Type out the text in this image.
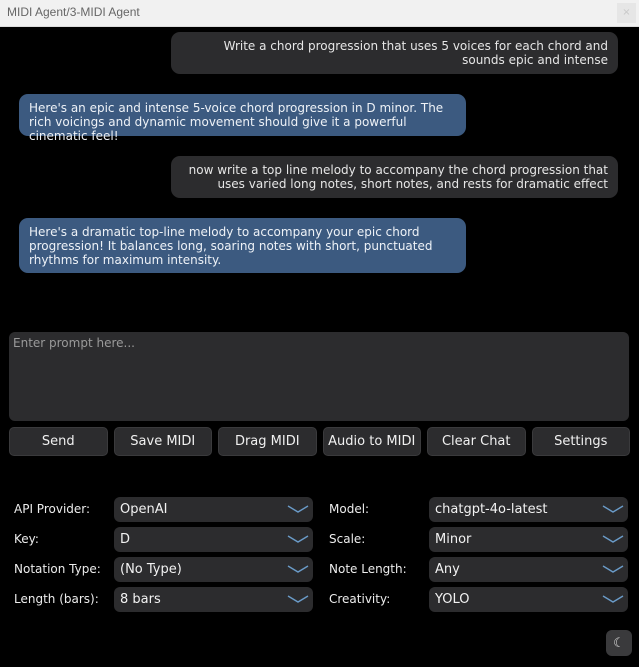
MIDI Agent/3-MIDI Agent	×
Write a chord progression that uses 5 voices for each chord and sounds epic and intense
Here's an epic and intense 5-voice chord progression in D minor. The rich voicings and dynamic movement should give it a powerful cinematic feel!
now write a top line melody to accompany the chord progression that uses varied long notes, short notes, and rests for dramatic effect
Here's a dramatic top-line melody to accompany your epic chord progression! It balances long, soaring notes with short, punctuated rhythms for maximum intensity.
Enter prompt here...
Send	Save MIDI	Drag MIDI	Audio to MIDI	Clear Chat	Settings
API Provider: OpenAI	Model:	chatgpt-4o-latest
Key:	D	Scale:	Minor
Notation Type: (No Type)	Note Length: Any
Length (bars): 8 bars	Creativity:	YOLO
☾
